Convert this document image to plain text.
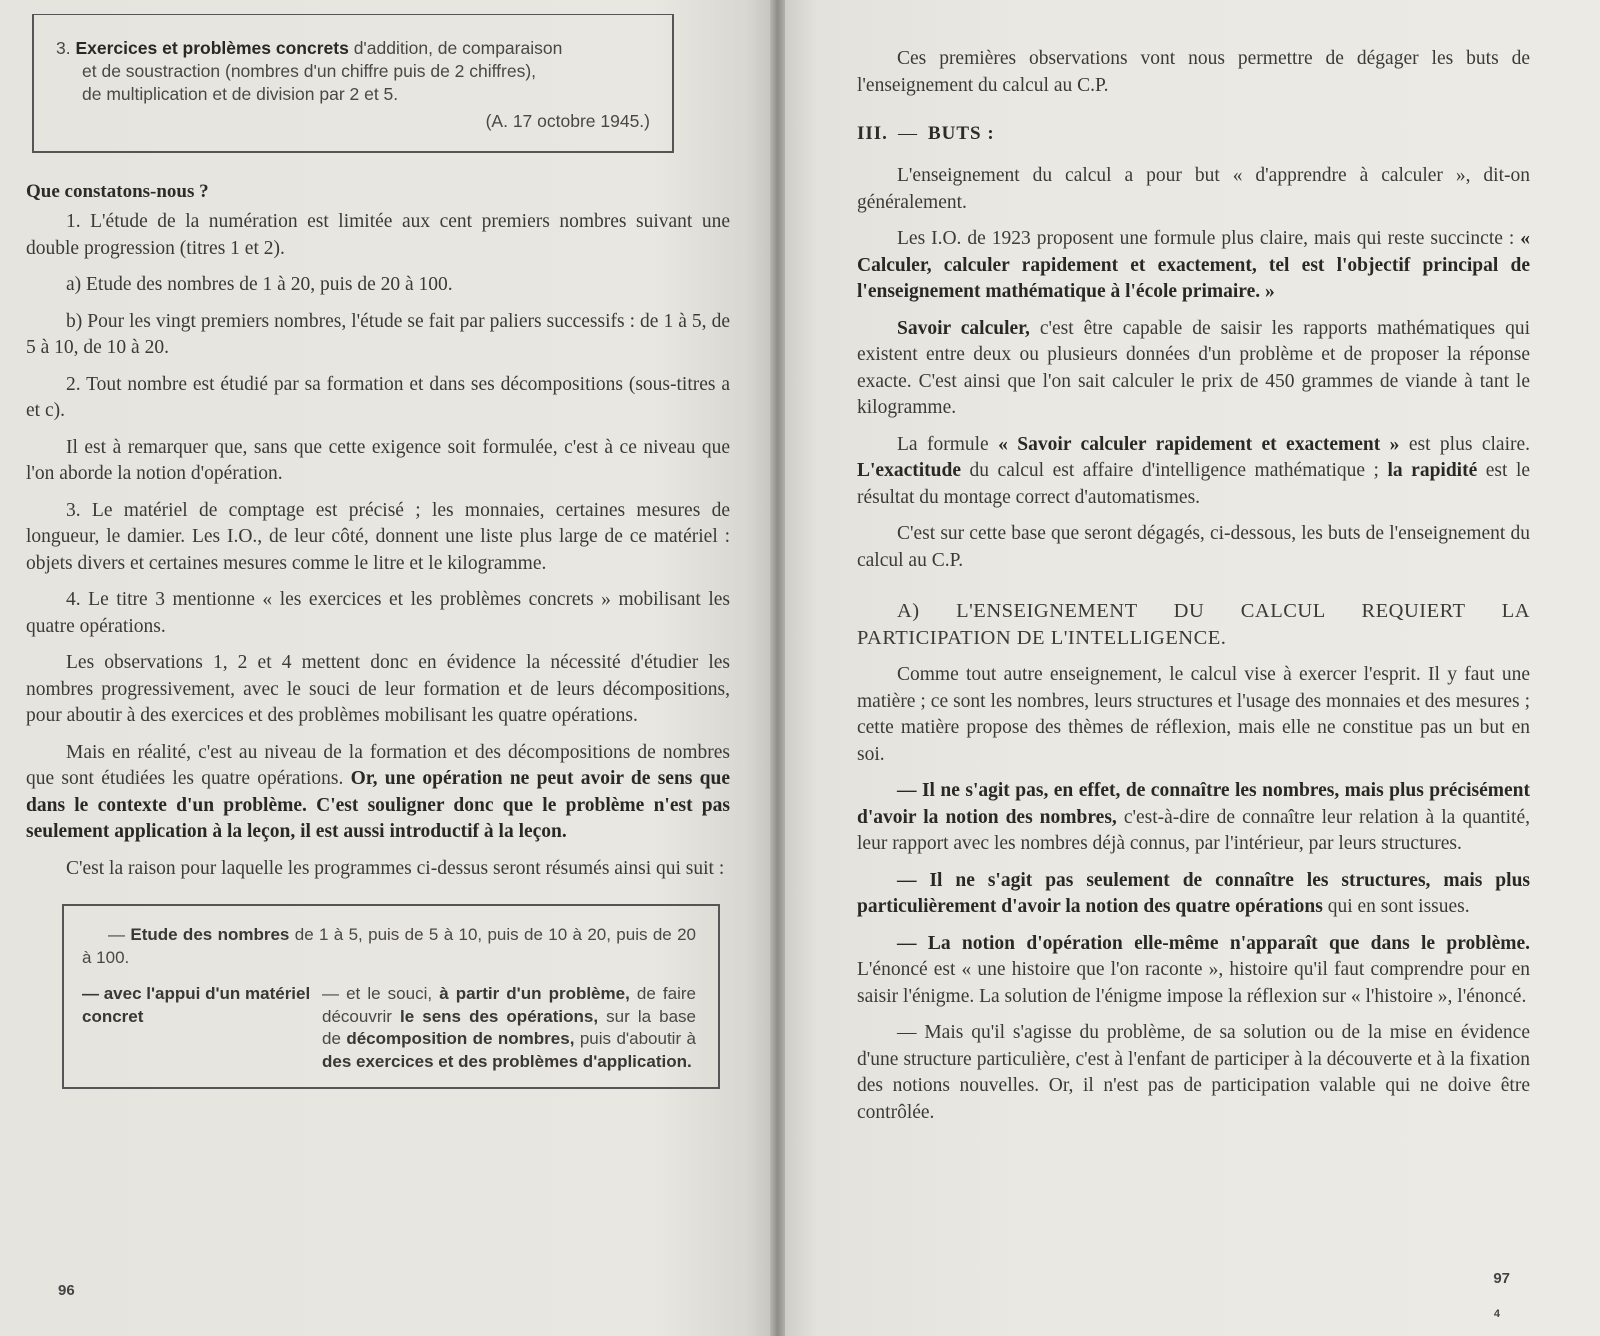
3. Exercices et problèmes concrets d'addition, de comparaison
et de soustraction (nombres d'un chiffre puis de 2 chiffres),
de multiplication et de division par 2 et 5.
(A. 17 octobre 1945.)
Que constatons-nous ?

1. L'étude de la numération est limitée aux cent premiers nombres suivant une double progression (titres 1 et 2).

a) Etude des nombres de 1 à 20, puis de 20 à 100.

b) Pour les vingt premiers nombres, l'étude se fait par paliers successifs : de 1 à 5, de 5 à 10, de 10 à 20.

2. Tout nombre est étudié par sa formation et dans ses décompositions (sous-titres a et c).

Il est à remarquer que, sans que cette exigence soit formulée, c'est à ce niveau que l'on aborde la notion d'opération.

3. Le matériel de comptage est précisé ; les monnaies, certaines mesures de longueur, le damier. Les I.O., de leur côté, donnent une liste plus large de ce matériel : objets divers et certaines mesures comme le litre et le kilogramme.

4. Le titre 3 mentionne « les exercices et les problèmes concrets » mobilisant les quatre opérations.

Les observations 1, 2 et 4 mettent donc en évidence la nécessité d'étudier les nombres progressivement, avec le souci de leur formation et de leurs décompositions, pour aboutir à des exercices et des problèmes mobilisant les quatre opérations.

Mais en réalité, c'est au niveau de la formation et des décompositions de nombres que sont étudiées les quatre opérations. Or, une opération ne peut avoir de sens que dans le contexte d'un problème. C'est souligner donc que le problème n'est pas seulement application à la leçon, il est aussi introductif à la leçon.

C'est la raison pour laquelle les programmes ci-dessus seront résumés ainsi qui suit :

— Etude des nombres de 1 à 5, puis de 5 à 10, puis de 10 à 20, puis de 20 à 100.
— avec l'appui d'un matériel concret
— et le souci, à partir d'un problème, de faire découvrir le sens des opérations, sur la base de décomposition de nombres, puis d'aboutir à des exercices et des problèmes d'application.
96

Ces premières observations vont nous permettre de dégager les buts de l'enseignement du calcul au C.P.

III. — BUTS :

L'enseignement du calcul a pour but « d'apprendre à calculer », dit-on généralement.

Les I.O. de 1923 proposent une formule plus claire, mais qui reste succincte : « Calculer, calculer rapidement et exactement, tel est l'objectif principal de l'enseignement mathématique à l'école primaire. »

Savoir calculer, c'est être capable de saisir les rapports mathématiques qui existent entre deux ou plusieurs données d'un problème et de proposer la réponse exacte. C'est ainsi que l'on sait calculer le prix de 450 grammes de viande à tant le kilogramme.

La formule « Savoir calculer rapidement et exactement » est plus claire. L'exactitude du calcul est affaire d'intelligence mathématique ; la rapidité est le résultat du montage correct d'automatismes.

C'est sur cette base que seront dégagés, ci-dessous, les buts de l'enseignement du calcul au C.P.

A) L'ENSEIGNEMENT DU CALCUL REQUIERT LA PARTICIPATION DE L'INTELLIGENCE.

Comme tout autre enseignement, le calcul vise à exercer l'esprit. Il y faut une matière ; ce sont les nombres, leurs structures et l'usage des monnaies et des mesures ; cette matière propose des thèmes de réflexion, mais elle ne constitue pas un but en soi.

— Il ne s'agit pas, en effet, de connaître les nombres, mais plus précisément d'avoir la notion des nombres, c'est-à-dire de connaître leur relation à la quantité, leur rapport avec les nombres déjà connus, par l'intérieur, par leurs structures.

— Il ne s'agit pas seulement de connaître les structures, mais plus particulièrement d'avoir la notion des quatre opérations qui en sont issues.

— La notion d'opération elle-même n'apparaît que dans le problème. L'énoncé est « une histoire que l'on raconte », histoire qu'il faut comprendre pour en saisir l'énigme. La solution de l'énigme impose la réflexion sur « l'histoire », l'énoncé.

— Mais qu'il s'agisse du problème, de sa solution ou de la mise en évidence d'une structure particulière, c'est à l'enfant de participer à la découverte et à la fixation des notions nouvelles. Or, il n'est pas de participation valable qui ne doive être contrôlée.

97
4
